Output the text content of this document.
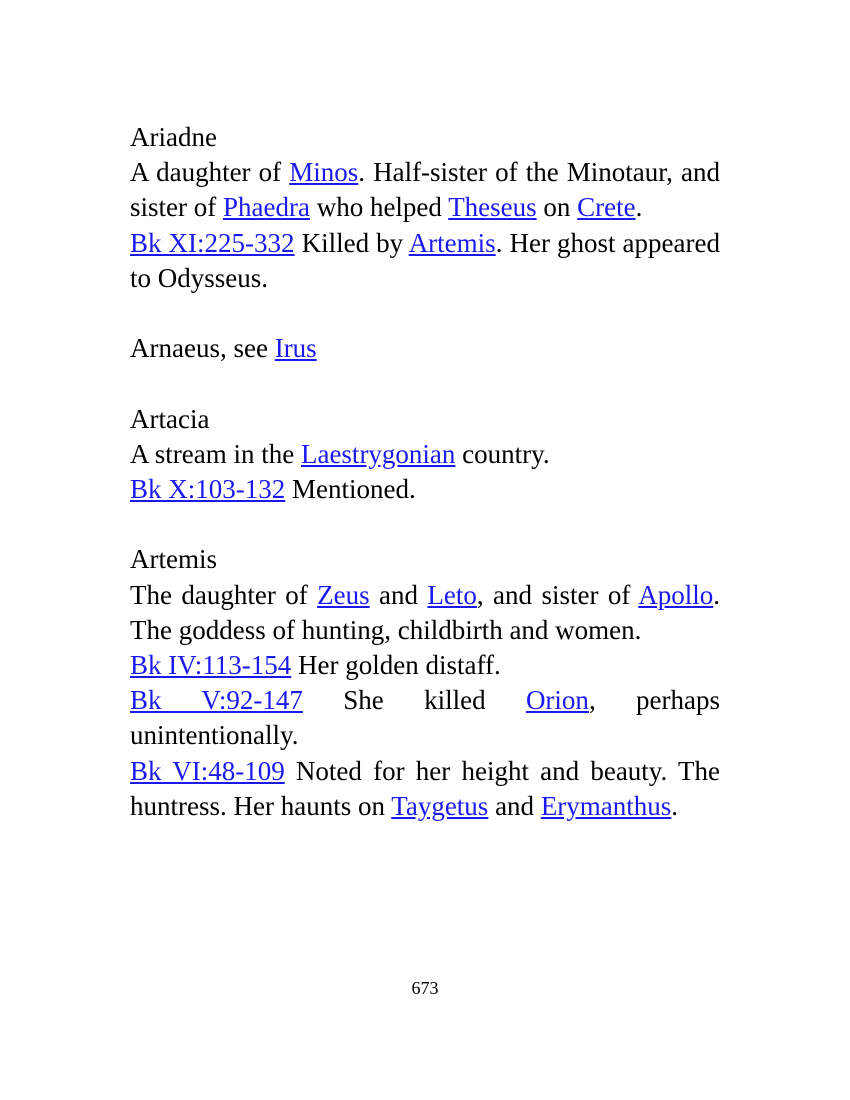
Ariadne

A daughter of Minos. Half-sister of the Minotaur, and sister of Phaedra who helped Theseus on Crete.

Bk XI:225-332 Killed by Artemis. Her ghost appeared to Odysseus.

Arnaeus, see Irus

Artacia

A stream in the Laestrygonian country.

Bk X:103-132 Mentioned.

Artemis

The daughter of Zeus and Leto, and sister of Apollo. The goddess of hunting, childbirth and women.

Bk IV:113-154 Her golden distaff.

Bk V:92-147 She killed Orion, perhaps unintentionally.

Bk VI:48-109 Noted for her height and beauty. The huntress. Her haunts on Taygetus and Erymanthus.

673
